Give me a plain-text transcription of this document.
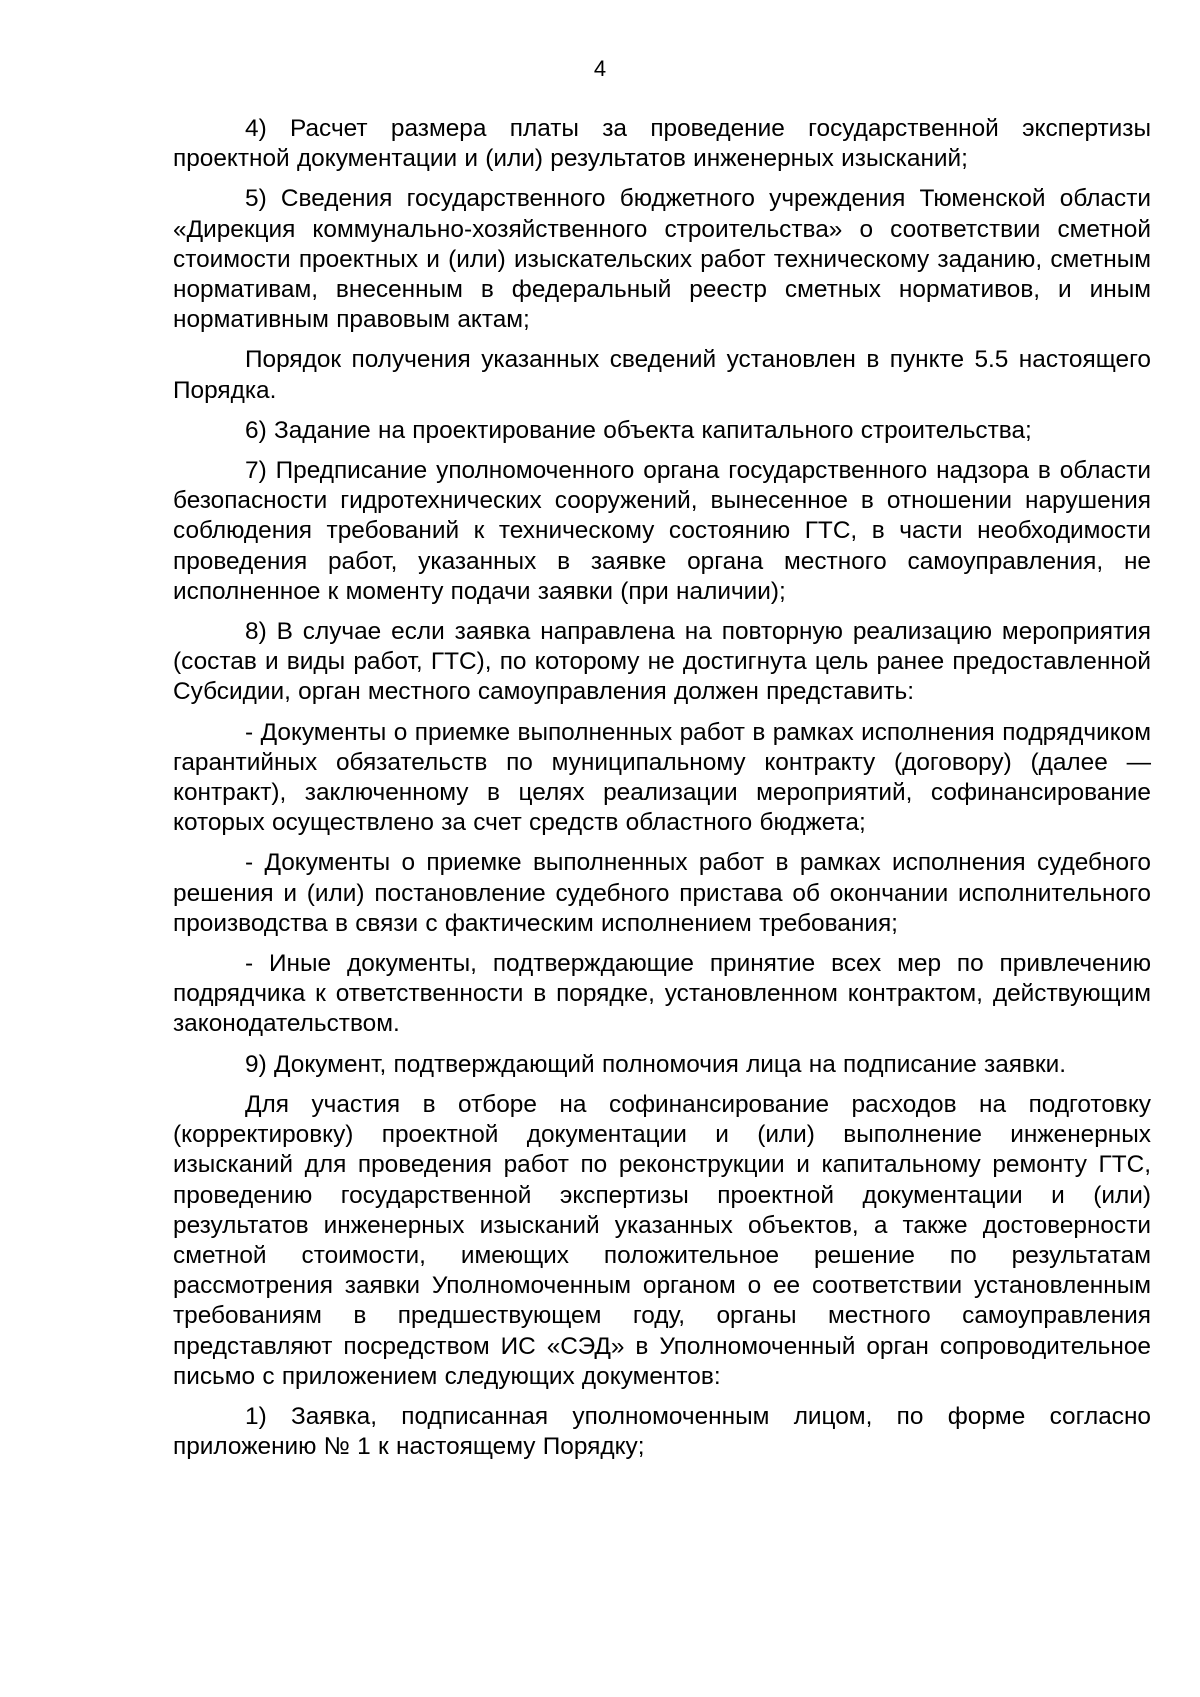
4

4) Расчет размера платы за проведение государственной экспертизы проектной документации и (или) результатов инженерных изысканий;

5) Сведения государственного бюджетного учреждения Тюменской области «Дирекция коммунально-хозяйственного строительства» о соответствии сметной стоимости проектных и (или) изыскательских работ техническому заданию, сметным нормативам, внесенным в федеральный реестр сметных нормативов, и иным нормативным правовым актам;

Порядок получения указанных сведений установлен в пункте 5.5 настоящего Порядка.

6) Задание на проектирование объекта капитального строительства;

7) Предписание уполномоченного органа государственного надзора в области безопасности гидротехнических сооружений, вынесенное в отношении нарушения соблюдения требований к техническому состоянию ГТС, в части необходимости проведения работ, указанных в заявке органа местного самоуправления, не исполненное к моменту подачи заявки (при наличии);

8) В случае если заявка направлена на повторную реализацию мероприятия (состав и виды работ, ГТС), по которому не достигнута цель ранее предоставленной Субсидии, орган местного самоуправления должен представить:

- Документы о приемке выполненных работ в рамках исполнения подрядчиком гарантийных обязательств по муниципальному контракту (договору) (далее — контракт), заключенному в целях реализации мероприятий, софинансирование которых осуществлено за счет средств областного бюджета;

- Документы о приемке выполненных работ в рамках исполнения судебного решения и (или) постановление судебного пристава об окончании исполнительного производства в связи с фактическим исполнением требования;

- Иные документы, подтверждающие принятие всех мер по привлечению подрядчика к ответственности в порядке, установленном контрактом, действующим законодательством.

9) Документ, подтверждающий полномочия лица на подписание заявки.

Для участия в отборе на софинансирование расходов на подготовку (корректировку) проектной документации и (или) выполнение инженерных изысканий для проведения работ по реконструкции и капитальному ремонту ГТС, проведению государственной экспертизы проектной документации и (или) результатов инженерных изысканий указанных объектов, а также достоверности сметной стоимости, имеющих положительное решение по результатам рассмотрения заявки Уполномоченным органом о ее соответствии установленным требованиям в предшествующем году, органы местного самоуправления представляют посредством ИС «СЭД» в Уполномоченный орган сопроводительное письмо с приложением следующих документов:

1) Заявка, подписанная уполномоченным лицом, по форме согласно приложению № 1 к настоящему Порядку;
